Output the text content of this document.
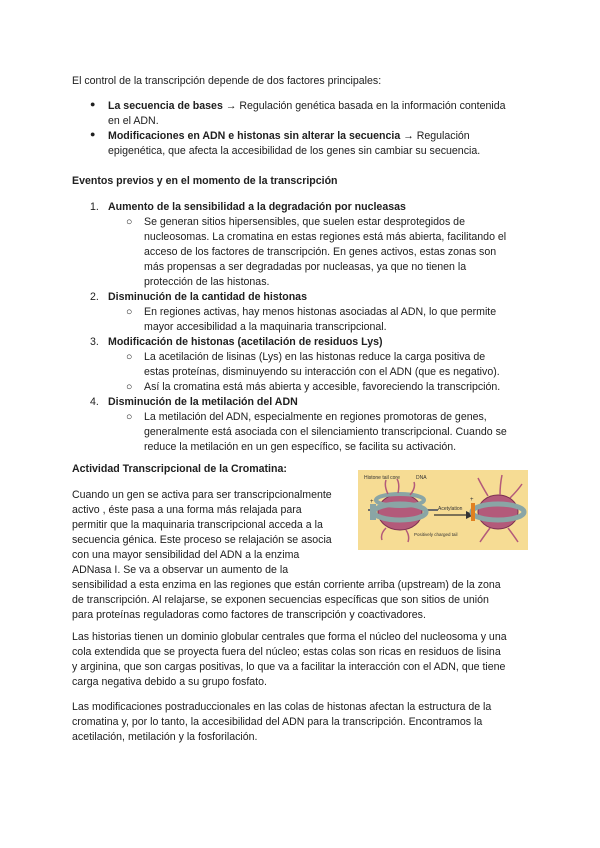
El control de la transcripción depende de dos factores principales:

● La secuencia de bases → Regulación genética basada en la información contenida

en el ADN.

● Modificaciones en ADN e histonas sin alterar la secuencia → Regulación

epigenética, que afecta la accesibilidad de los genes sin cambiar su secuencia.

Eventos previos y en el momento de la transcripción

1. Aumento de la sensibilidad a la degradación por nucleasas

○ Se generan sitios hipersensibles, que suelen estar desprotegidos de

nucleosomas. La cromatina en estas regiones está más abierta, facilitando el

acceso de los factores de transcripción. En genes activos, estas zonas son

más propensas a ser degradadas por nucleasas, ya que no tienen la

protección de las histonas.

2. Disminución de la cantidad de histonas

○ En regiones activas, hay menos histonas asociadas al ADN, lo que permite

mayor accesibilidad a la maquinaria transcripcional.

3. Modificación de histonas (acetilación de residuos Lys)

○ La acetilación de lisinas (Lys) en las histonas reduce la carga positiva de

estas proteínas, disminuyendo su interacción con el ADN (que es negativo).

○ Así la cromatina está más abierta y accesible, favoreciendo la transcripción.

4. Disminución de la metilación del ADN

○ La metilación del ADN, especialmente en regiones promotoras de genes,

generalmente está asociada con el silenciamiento transcripcional. Cuando se

reduce la metilación en un gen específico, se facilita su activación.

Actividad Transcripcional de la Cromatina:

Cuando un gen se activa para ser transcripcionalmente

activo , éste pasa a una forma más relajada para

permitir que la maquinaria transcripcional acceda a la

secuencia génica. Este proceso se relajación se asocia

con una mayor sensibilidad del ADN a la enzima

ADNasa I. Se va a observar un aumento de la

sensibilidad a esta enzima en las regiones que están corriente arriba (upstream) de la zona

de transcripción. Al relajarse, se exponen secuencias específicas que son sitios de unión

para proteínas reguladoras como factores de transcripción y coactivadores.

Histone tail core	DNA
Acetylation
Positively charged tail
+	+

Las historias tienen un dominio globular centrales que forma el núcleo del nucleosoma y una

cola extendida que se proyecta fuera del núcleo; estas colas son ricas en residuos de lisina

y arginina, que son cargas positivas, lo que va a facilitar la interacción con el ADN, que tiene

carga negativa debido a su grupo fosfato.

Las modificaciones postraduccionales en las colas de histonas afectan la estructura de la

cromatina y, por lo tanto, la accesibilidad del ADN para la transcripción. Encontramos la

acetilación, metilación y la fosforilación.
